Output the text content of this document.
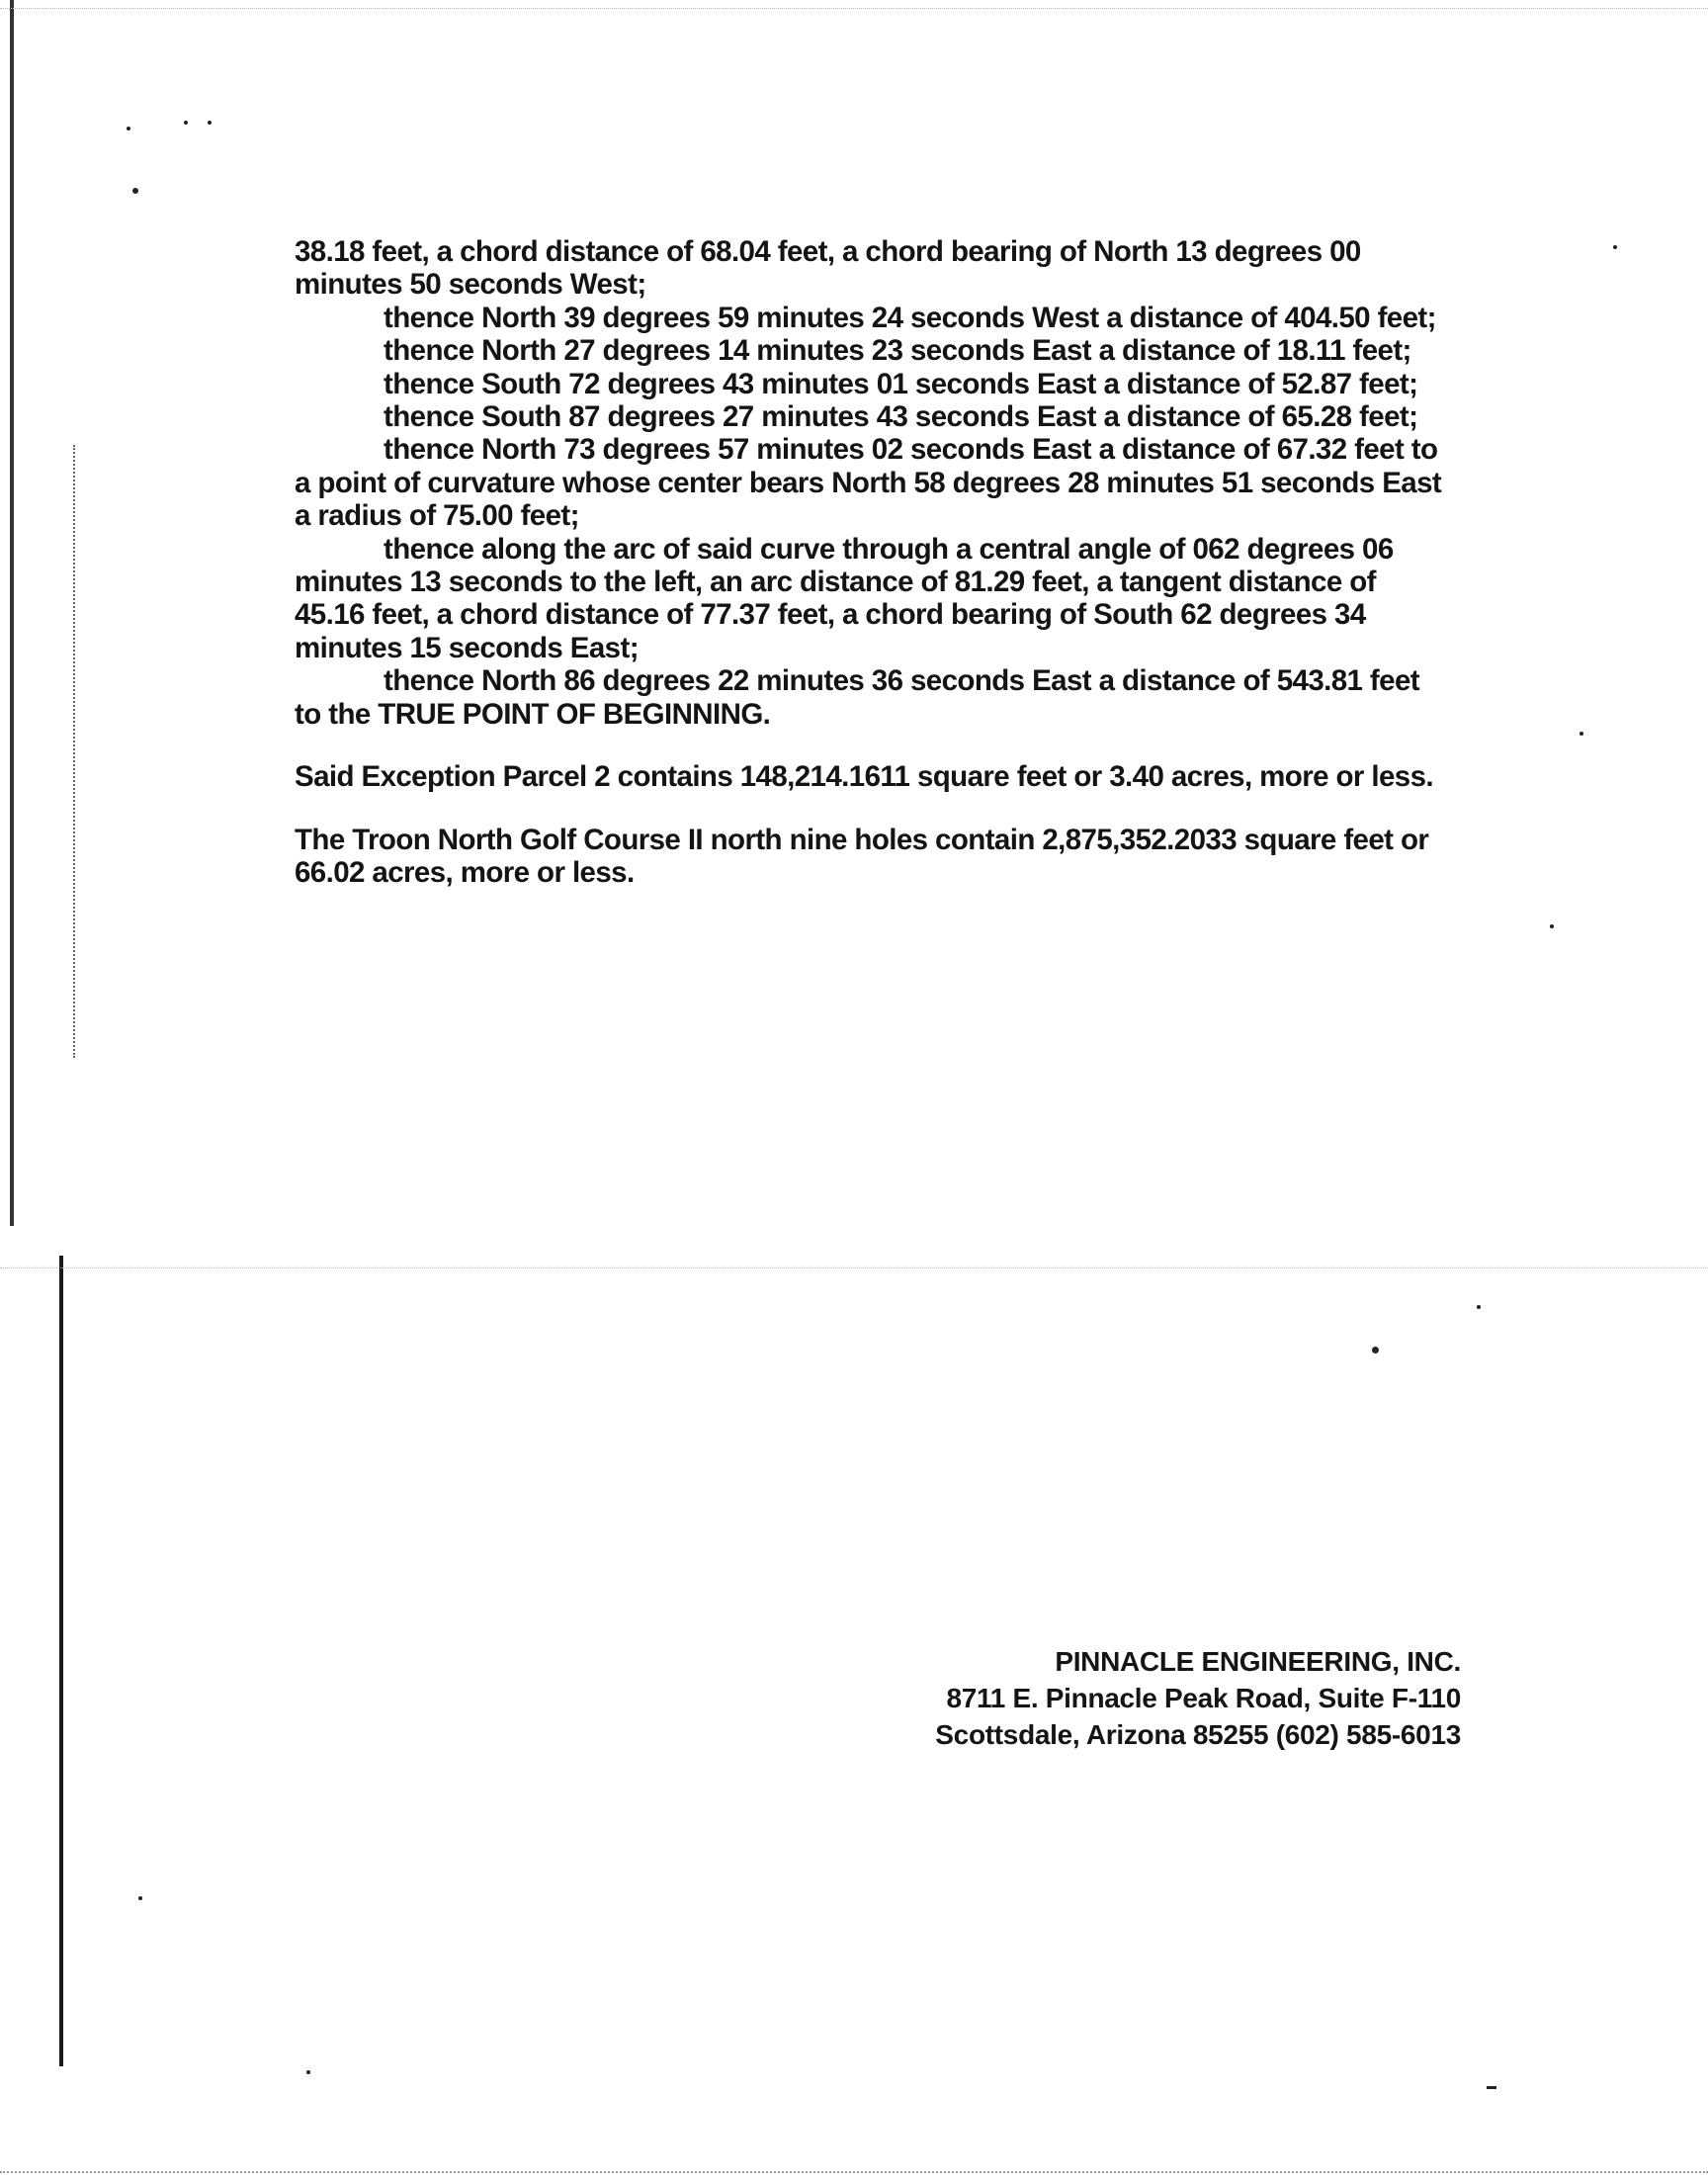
38.18 feet, a chord distance of 68.04 feet, a chord bearing of North 13 degrees 00
minutes 50 seconds West;
thence North 39 degrees 59 minutes 24 seconds West a distance of 404.50 feet;
thence North 27 degrees 14 minutes 23 seconds East a distance of 18.11 feet;
thence South 72 degrees 43 minutes 01 seconds East a distance of 52.87 feet;
thence South 87 degrees 27 minutes 43 seconds East a distance of 65.28 feet;
thence North 73 degrees 57 minutes 02 seconds East a distance of 67.32 feet to
a point of curvature whose center bears North 58 degrees 28 minutes 51 seconds East
a radius of 75.00 feet;
thence along the arc of said curve through a central angle of 062 degrees 06
minutes 13 seconds to the left, an arc distance of 81.29 feet, a tangent distance of
45.16 feet, a chord distance of 77.37 feet, a chord bearing of South 62 degrees 34
minutes 15 seconds East;
thence North 86 degrees 22 minutes 36 seconds East a distance of 543.81 feet
to the TRUE POINT OF BEGINNING.
Said Exception Parcel 2 contains 148,214.1611 square feet or 3.40 acres, more or less.
The Troon North Golf Course II north nine holes contain 2,875,352.2033 square feet or
66.02 acres, more or less.
PINNACLE ENGINEERING, INC.
8711 E. Pinnacle Peak Road, Suite F-110
Scottsdale, Arizona 85255 (602) 585-6013
